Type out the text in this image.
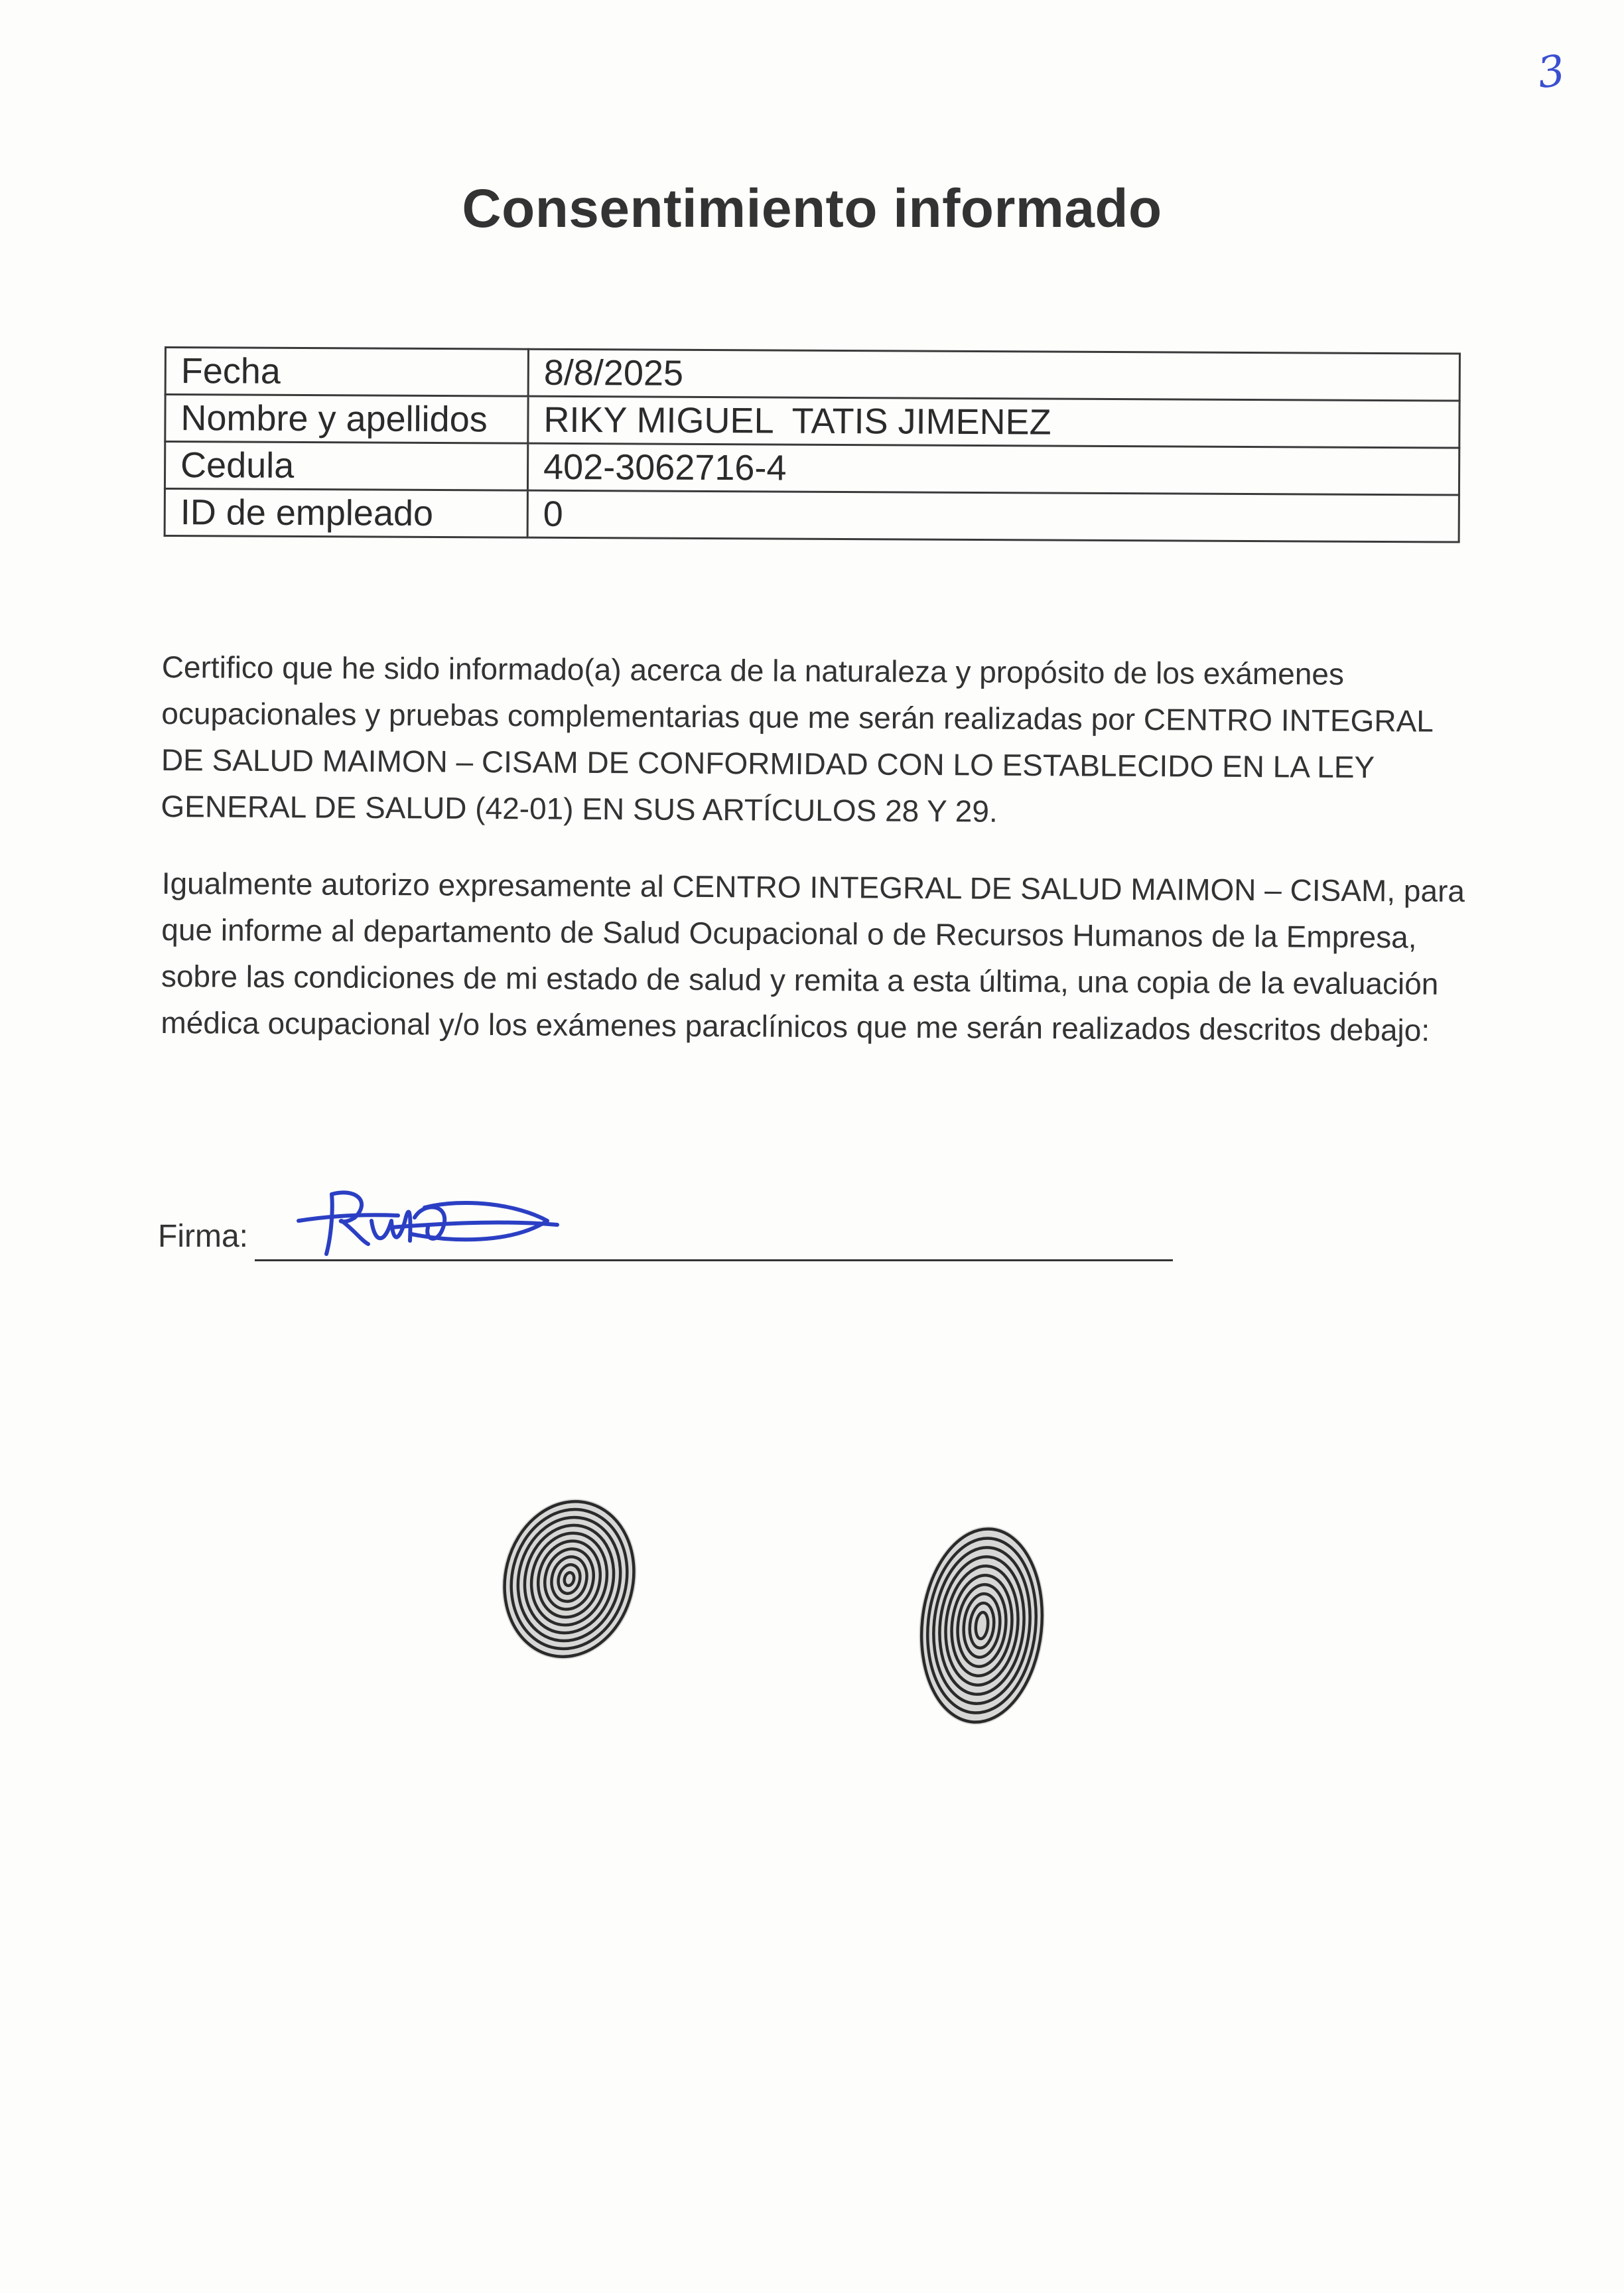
3
Consentimiento informado
Fecha	8/8/2025
Nombre y apellidos	RIKY MIGUEL  TATIS JIMENEZ
Cedula	402-3062716-4
ID de empleado	0

Certifico que he sido informado(a) acerca de la naturaleza y propósito de los exámenes ocupacionales y pruebas complementarias que me serán realizadas por CENTRO INTEGRAL DE SALUD MAIMON – CISAM DE CONFORMIDAD CON LO ESTABLECIDO EN LA LEY GENERAL DE SALUD (42-01) EN SUS ARTÍCULOS 28 Y 29.

Igualmente autorizo expresamente al CENTRO INTEGRAL DE SALUD MAIMON – CISAM, para que informe al departamento de Salud Ocupacional o de Recursos Humanos de la Empresa, sobre las condiciones de mi estado de salud y remita a esta última, una copia de la evaluación médica ocupacional y/o los exámenes paraclínicos que me serán realizados descritos debajo:

Firma:
